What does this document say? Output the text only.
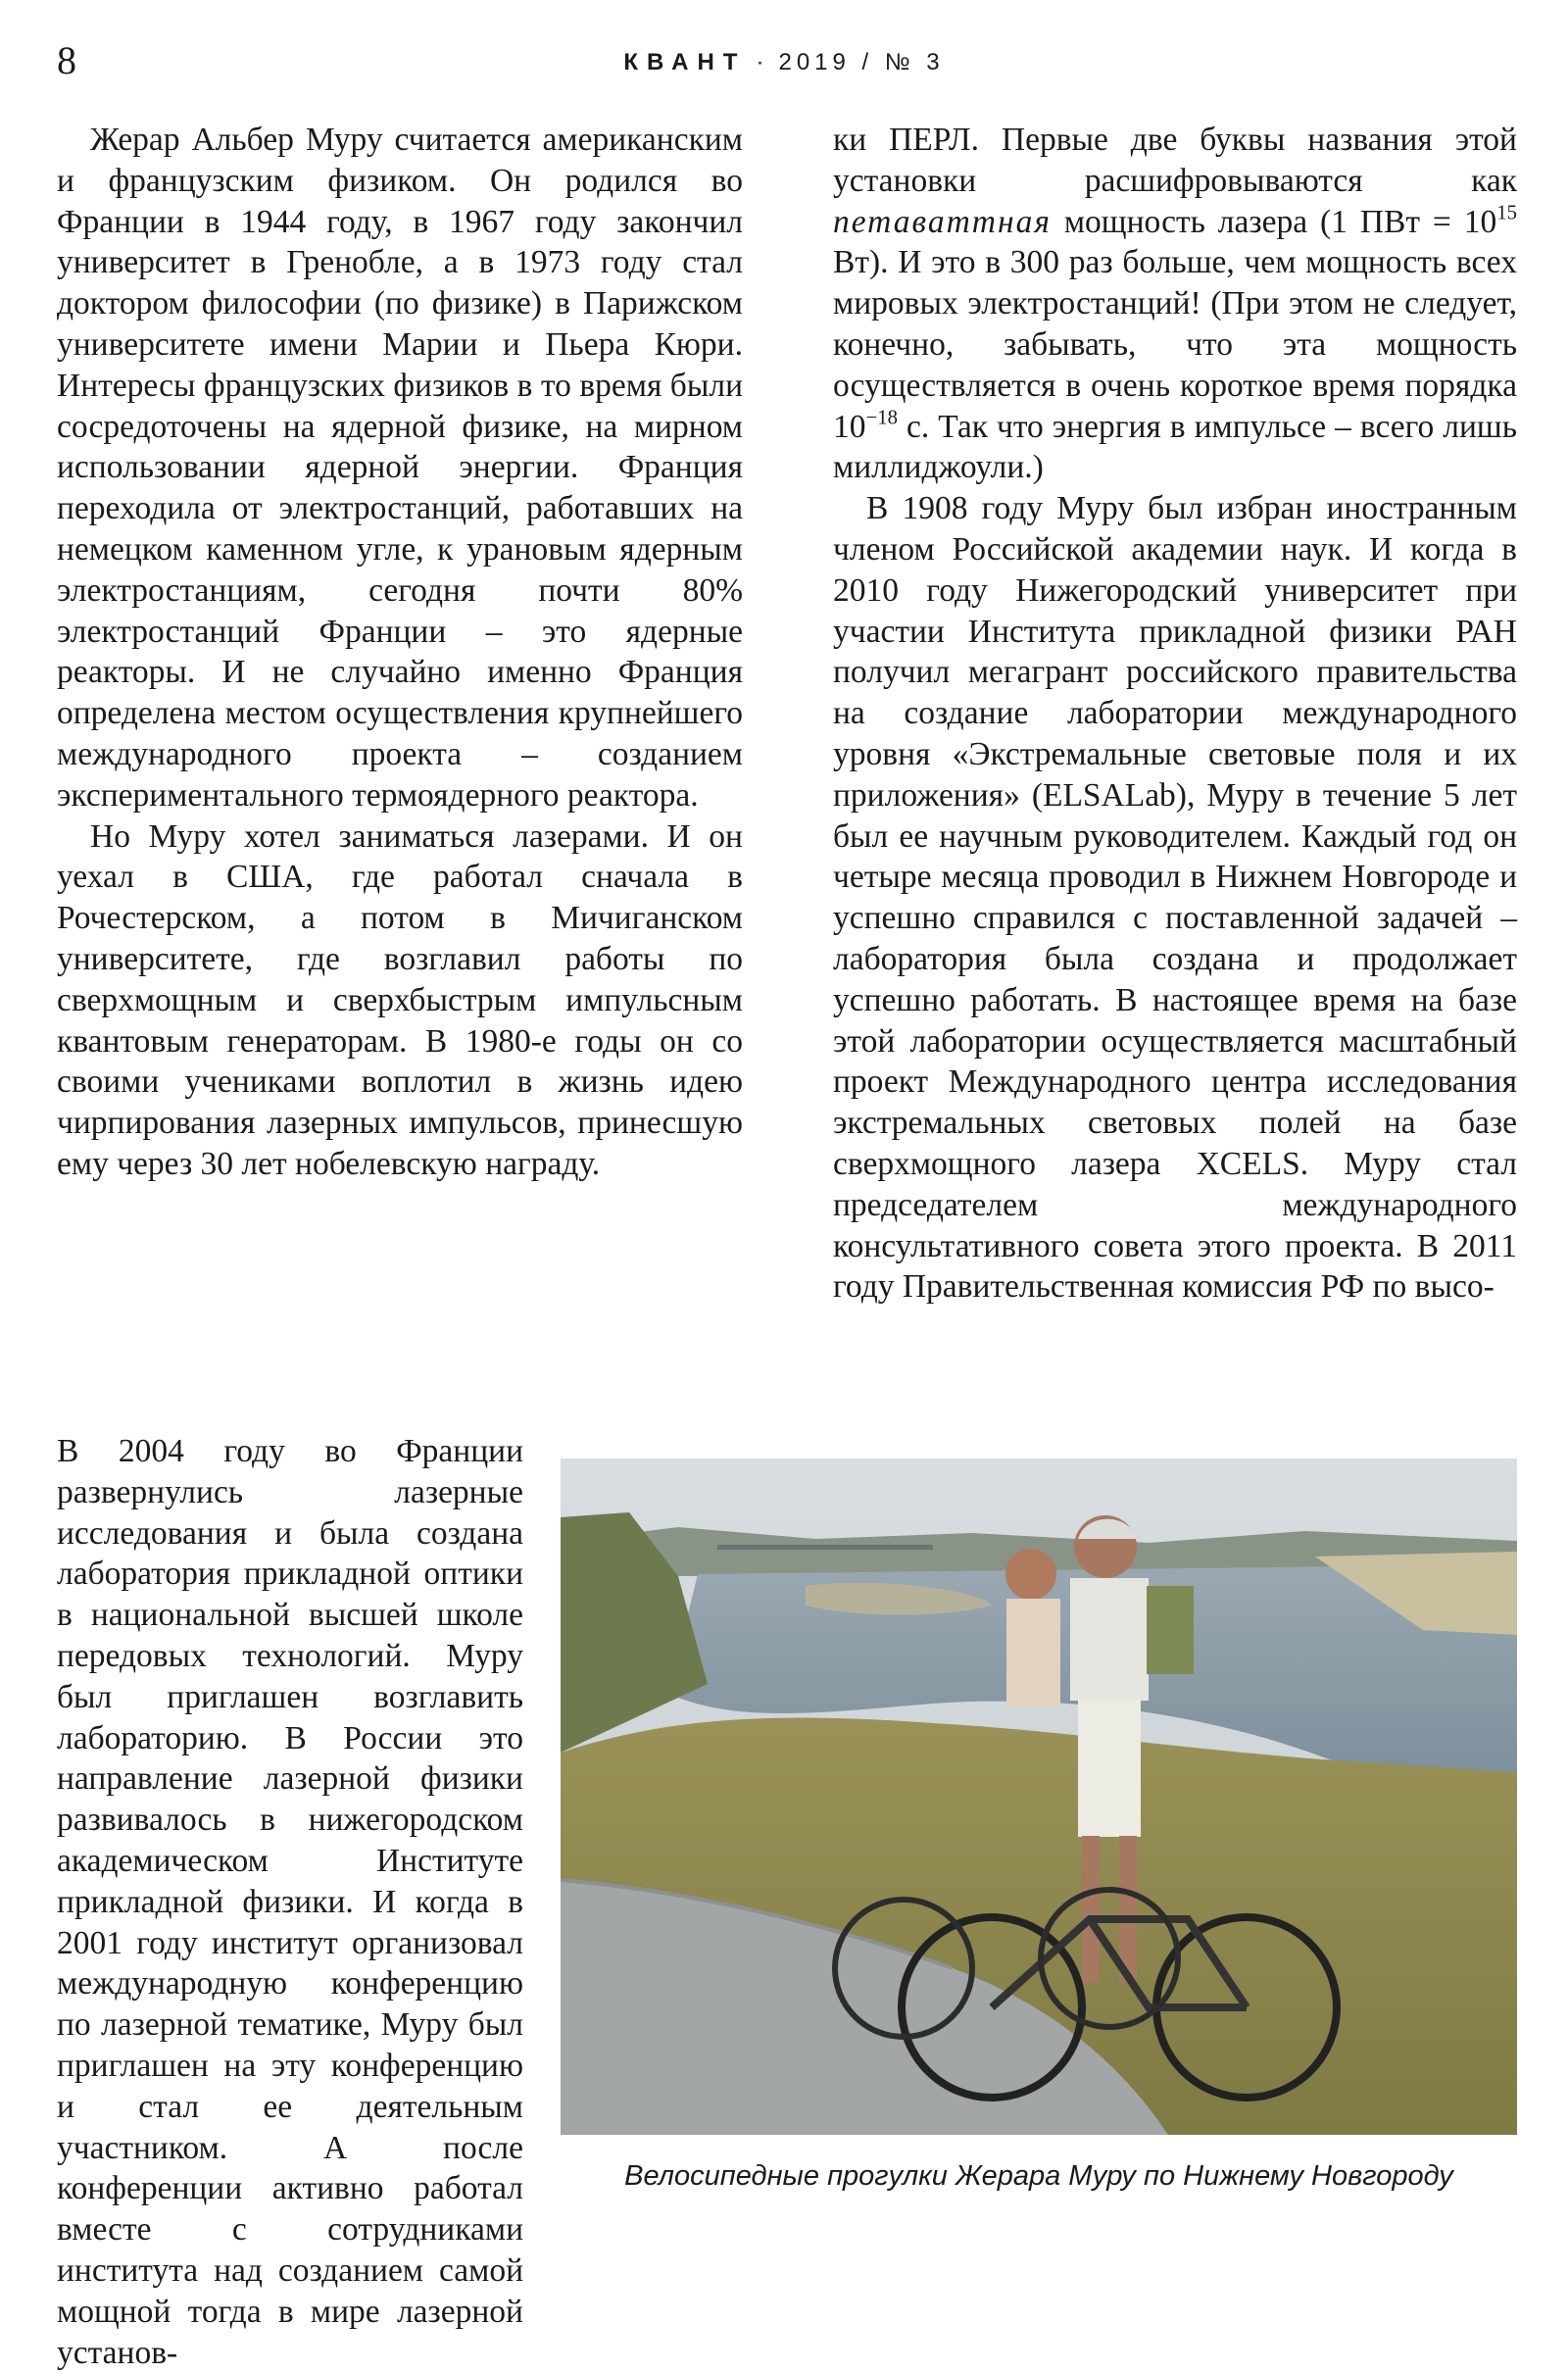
8	КВАНТ · 2019 / № 3

Жерар Альбер Муру считается американским и французским физиком. Он родился во Франции в 1944 году, в 1967 году закончил университет в Гренобле, а в 1973 году стал доктором философии (по физике) в Парижском университете имени Марии и Пьера Кюри. Интересы французских физиков в то время были сосредоточены на ядерной физике, на мирном использовании ядерной энергии. Франция переходила от электростанций, работавших на немецком каменном угле, к урановым ядерным электростанциям, сегодня почти 80% электростанций Франции – это ядерные реакторы. И не случайно именно Франция определена местом осуществления крупнейшего международного проекта – созданием экспериментального термоядерного реактора.

Но Муру хотел заниматься лазерами. И он уехал в США, где работал сначала в Рочестерском, а потом в Мичиганском университете, где возглавил работы по сверхмощным и сверхбыстрым импульсным квантовым генераторам. В 1980-е годы он со своими учениками воплотил в жизнь идею чирпирования лазерных импульсов, принесшую ему через 30 лет нобелевскую награду.

В 2004 году во Франции развернулись лазерные исследования и была создана лаборатория прикладной оптики в национальной высшей школе передовых технологий. Муру был приглашен возглавить лабораторию. В России это направление лазерной физики развивалось в нижегородском академическом Институте прикладной физики. И когда в 2001 году институт организовал международную конференцию по лазерной тематике, Муру был приглашен на эту конференцию и стал ее деятельным участником. А после конференции активно работал вместе с сотрудниками института над созданием самой мощной тогда в мире лазерной установ-

ки ПЕРЛ. Первые две буквы названия этой установки расшифровываются как петаваттная мощность лазера (1 ПВт = $10^{15}$ Вт). И это в 300 раз больше, чем мощность всех мировых электростанций! (При этом не следует, конечно, забывать, что эта мощность осуществляется в очень короткое время порядка $10^{-18}$ с. Так что энергия в импульсе – всего лишь миллиджоули.)

В 1908 году Муру был избран иностранным членом Российской академии наук. И когда в 2010 году Нижегородский университет при участии Института прикладной физики РАН получил мегагрант российского правительства на создание лаборатории международного уровня «Экстремальные световые поля и их приложения» (ELSALab), Муру в течение 5 лет был ее научным руководителем. Каждый год он четыре месяца проводил в Нижнем Новгороде и успешно справился с поставленной задачей – лаборатория была создана и продолжает успешно работать. В настоящее время на базе этой лаборатории осуществляется масштабный проект Международного центра исследования экстремальных световых полей на базе сверхмощного лазера XCELS. Муру стал председателем международного консультативного совета этого проекта. В 2011 году Правительственная комиссия РФ по высо-

Велосипедные прогулки Жерара Муру по Нижнему Новгороду
